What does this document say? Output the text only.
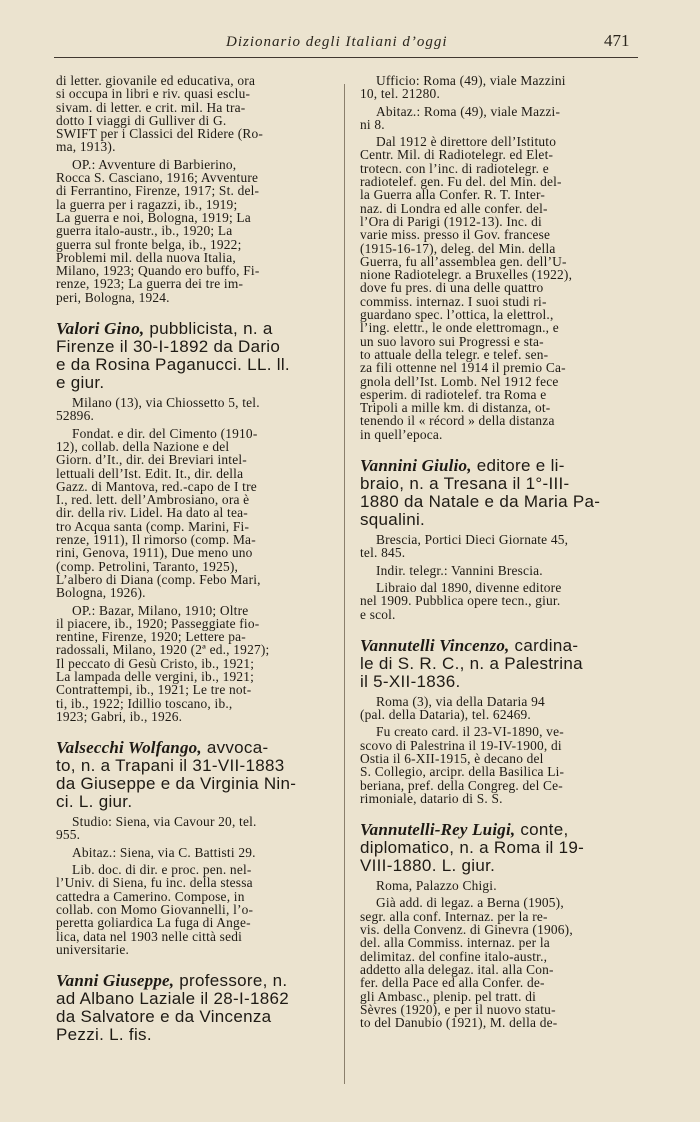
Dizionario degli Italiani d’oggi	471
di letter. giovanile ed educativa, ora
si occupa in libri e riv. quasi esclu-
sivam. di letter. e crit. mil. Ha tra-
dotto I viaggi di Gulliver di G.
SWIFT per i Classici del Ridere (Ro-
ma, 1913).
OP.: Avventure di Barbierino,
Rocca S. Casciano, 1916; Avventure
di Ferrantino, Firenze, 1917; St. del-
la guerra per i ragazzi, ib., 1919;
La guerra e noi, Bologna, 1919; La
guerra italo-austr., ib., 1920; La
guerra sul fronte belga, ib., 1922;
Problemi mil. della nuova Italia,
Milano, 1923; Quando ero buffo, Fi-
renze, 1923; La guerra dei tre im-
peri, Bologna, 1924.
Valori Gino, pubblicista, n. a
Firenze il 30-I-1892 da Dario
e da Rosina Paganucci. LL. ll.
e giur.
Milano (13), via Chiossetto 5, tel.
52896.
Fondat. e dir. del Cimento (1910-
12), collab. della Nazione e del
Giorn. d’It., dir. dei Breviari intel-
lettuali dell’Ist. Edit. It., dir. della
Gazz. di Mantova, red.-capo de I tre
I., red. lett. dell’Ambrosiano, ora è
dir. della riv. Lidel. Ha dato al tea-
tro Acqua santa (comp. Marini, Fi-
renze, 1911), Il rimorso (comp. Ma-
rini, Genova, 1911), Due meno uno
(comp. Petrolini, Taranto, 1925),
L’albero di Diana (comp. Febo Mari,
Bologna, 1926).
OP.: Bazar, Milano, 1910; Oltre
il piacere, ib., 1920; Passeggiate fio-
rentine, Firenze, 1920; Lettere pa-
radossali, Milano, 1920 (2ª ed., 1927);
Il peccato di Gesù Cristo, ib., 1921;
La lampada delle vergini, ib., 1921;
Contrattempi, ib., 1921; Le tre not-
ti, ib., 1922; Idillio toscano, ib.,
1923; Gabri, ib., 1926.
Valsecchi Wolfango, avvoca-
to, n. a Trapani il 31-VII-1883
da Giuseppe e da Virginia Nin-
ci. L. giur.
Studio: Siena, via Cavour 20, tel.
955.
Abitaz.: Siena, via C. Battisti 29.
Lib. doc. di dir. e proc. pen. nel-
l’Univ. di Siena, fu inc. della stessa
cattedra a Camerino. Compose, in
collab. con Momo Giovannelli, l’o-
peretta goliardica La fuga di Ange-
lica, data nel 1903 nelle città sedi
universitarie.
Vanni Giuseppe, professore, n.
ad Albano Laziale il 28-I-1862
da Salvatore e da Vincenza
Pezzi. L. fis.
Ufficio: Roma (49), viale Mazzini
10, tel. 21280.
Abitaz.: Roma (49), viale Mazzi-
ni 8.
Dal 1912 è direttore dell’Istituto
Centr. Mil. di Radiotelegr. ed Elet-
trotecn. con l’inc. di radiotelegr. e
radiotelef. gen. Fu del. del Min. del-
la Guerra alla Confer. R. T. Inter-
naz. di Londra ed alle confer. del-
l’Ora di Parigi (1912-13). Inc. di
varie miss. presso il Gov. francese
(1915-16-17), deleg. del Min. della
Guerra, fu all’assemblea gen. dell’U-
nione Radiotelegr. a Bruxelles (1922),
dove fu pres. di una delle quattro
commiss. internaz. I suoi studi ri-
guardano spec. l’ottica, la elettrol.,
l’ing. elettr., le onde elettromagn., e
un suo lavoro sui Progressi e sta-
to attuale della telegr. e telef. sen-
za fili ottenne nel 1914 il premio Ca-
gnola dell’Ist. Lomb. Nel 1912 fece
esperim. di radiotelef. tra Roma e
Tripoli a mille km. di distanza, ot-
tenendo il « récord » della distanza
in quell’epoca.
Vannini Giulio, editore e li-
braio, n. a Tresana il 1°-III-
1880 da Natale e da Maria Pa-
squalini.
Brescia, Portici Dieci Giornate 45,
tel. 845.
Indir. telegr.: Vannini Brescia.
Libraio dal 1890, divenne editore
nel 1909. Pubblica opere tecn., giur.
e scol.
Vannutelli Vincenzo, cardina-
le di S. R. C., n. a Palestrina
il 5-XII-1836.
Roma (3), via della Dataria 94
(pal. della Dataria), tel. 62469.
Fu creato card. il 23-VI-1890, ve-
scovo di Palestrina il 19-IV-1900, di
Ostia il 6-XII-1915, è decano del
S. Collegio, arcipr. della Basilica Li-
beriana, pref. della Congreg. del Ce-
rimoniale, datario di S. S.
Vannutelli-Rey Luigi, conte,
diplomatico, n. a Roma il 19-
VIII-1880. L. giur.
Roma, Palazzo Chigi.
Già add. di legaz. a Berna (1905),
segr. alla conf. Internaz. per la re-
vis. della Convenz. di Ginevra (1906),
del. alla Commiss. internaz. per la
delimitaz. del confine italo-austr.,
addetto alla delegaz. ital. alla Con-
fer. della Pace ed alla Confer. de-
gli Ambasc., plenip. pel tratt. di
Sèvres (1920), e per il nuovo statu-
to del Danubio (1921), M. della de-
